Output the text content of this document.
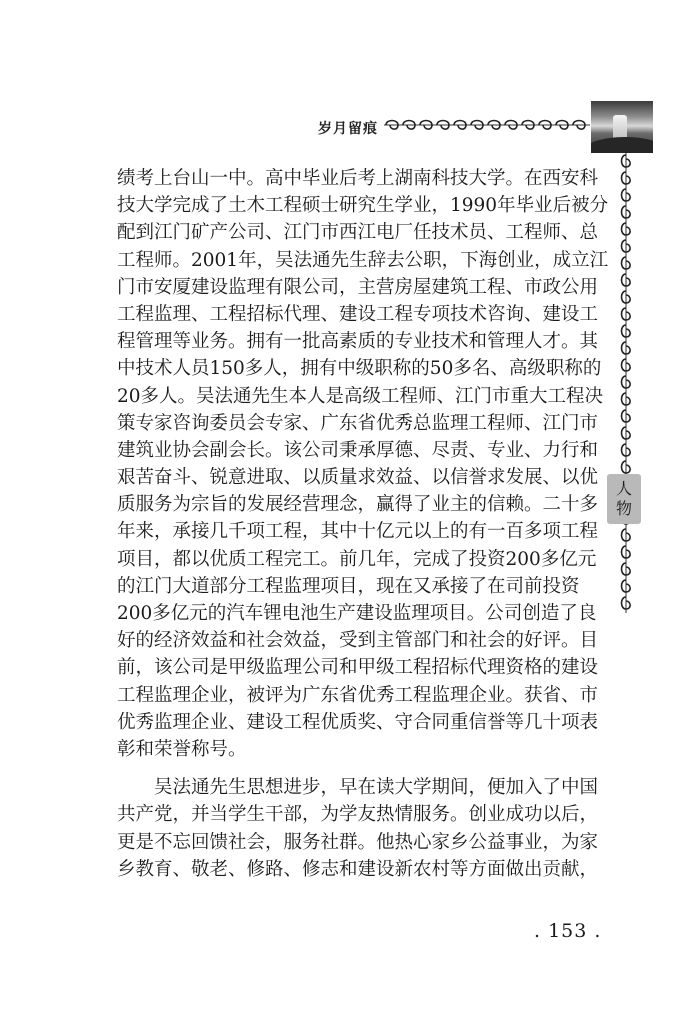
岁月留痕
人
物
绩考上台山一中。高中毕业后考上湖南科技大学。在西安科
技大学完成了土木工程硕士研究生学业，1990年毕业后被分
配到江门矿产公司、江门市西江电厂任技术员、工程师、总
工程师。2001年，吴法通先生辞去公职，下海创业，成立江
门市安厦建设监理有限公司，主营房屋建筑工程、市政公用
工程监理、工程招标代理、建设工程专项技术咨询、建设工
程管理等业务。拥有一批高素质的专业技术和管理人才。其
中技术人员150多人，拥有中级职称的50多名、高级职称的
20多人。吴法通先生本人是高级工程师、江门市重大工程决
策专家咨询委员会专家、广东省优秀总监理工程师、江门市
建筑业协会副会长。该公司秉承厚德、尽责、专业、力行和
艰苦奋斗、锐意进取、以质量求效益、以信誉求发展、以优
质服务为宗旨的发展经营理念，赢得了业主的信赖。二十多
年来，承接几千项工程，其中十亿元以上的有一百多项工程
项目，都以优质工程完工。前几年，完成了投资200多亿元
的江门大道部分工程监理项目，现在又承接了在司前投资
200多亿元的汽车锂电池生产建设监理项目。公司创造了良
好的经济效益和社会效益，受到主管部门和社会的好评。目
前，该公司是甲级监理公司和甲级工程招标代理资格的建设
工程监理企业，被评为广东省优秀工程监理企业。获省、市
优秀监理企业、建设工程优质奖、守合同重信誉等几十项表
彰和荣誉称号。
　　吴法通先生思想进步，早在读大学期间，便加入了中国
共产党，并当学生干部，为学友热情服务。创业成功以后，
更是不忘回馈社会，服务社群。他热心家乡公益事业，为家
乡教育、敬老、修路、修志和建设新农村等方面做出贡献，
. 153 .
